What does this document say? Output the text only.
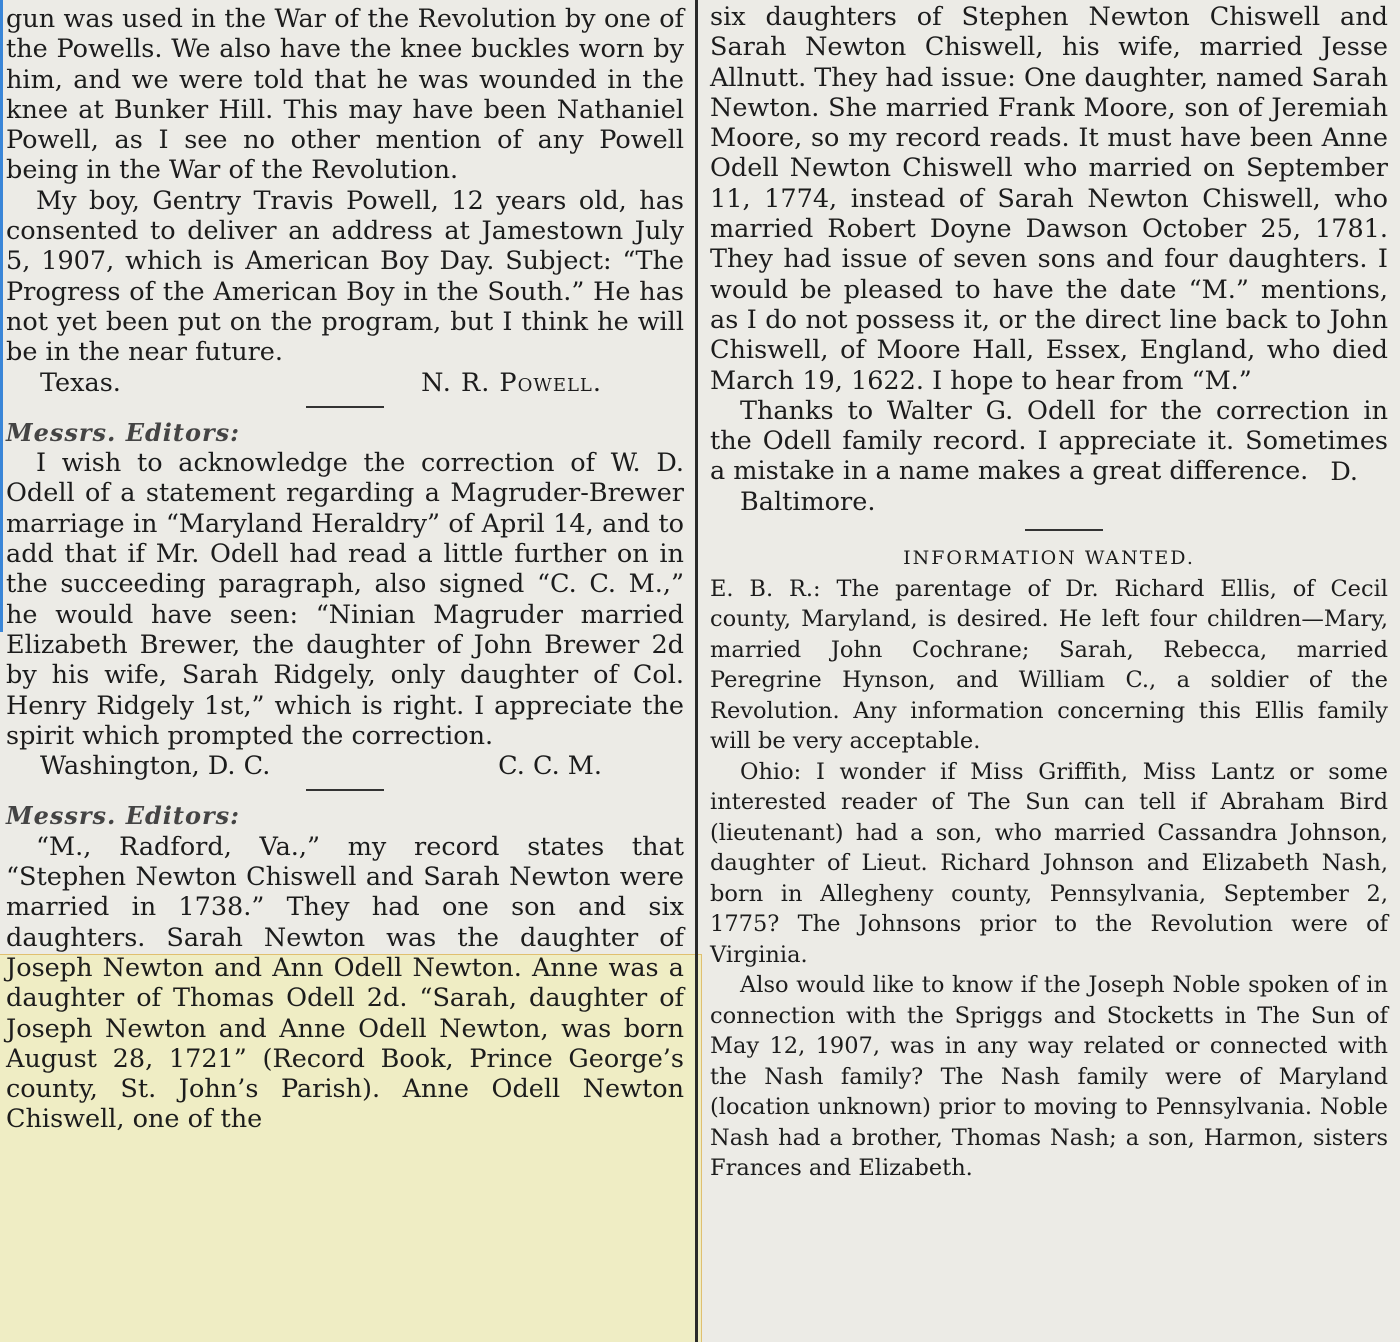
gun was used in the War of the Revolution by one of the Powells. We also have the knee buckles worn by him, and we were told that he was wounded in the knee at Bunker Hill. This may have been Nathaniel Powell, as I see no other mention of any Powell being in the War of the Revolution.

My boy, Gentry Travis Powell, 12 years old, has consented to deliver an address at Jamestown July 5, 1907, which is American Boy Day. Subject: “The Progress of the American Boy in the South.” He has not yet been put on the program, but I think he will be in the near future.

Texas.	N. R. Powell.

Messrs. Editors:

I wish to acknowledge the correction of W. D. Odell of a statement regarding a Magruder-Brewer marriage in “Maryland Heraldry” of April 14, and to add that if Mr. Odell had read a little further on in the succeeding paragraph, also signed “C. C. M.,” he would have seen: “Ninian Magruder married Elizabeth Brewer, the daughter of John Brewer 2d by his wife, Sarah Ridgely, only daughter of Col. Henry Ridgely 1st,” which is right. I appreciate the spirit which prompted the correction.

Washington, D. C.	C. C. M.

Messrs. Editors:

“M., Radford, Va.,” my record states that “Stephen Newton Chiswell and Sarah Newton were married in 1738.” They had one son and six daughters. Sarah Newton was the daughter of Joseph Newton and Ann Odell Newton. Anne was a daughter of Thomas Odell 2d. “Sarah, daughter of Joseph Newton and Anne Odell Newton, was born August 28, 1721” (Record Book, Prince George’s county, St. John’s Parish). Anne Odell Newton Chiswell, one of the

six daughters of Stephen Newton Chiswell and Sarah Newton Chiswell, his wife, married Jesse Allnutt. They had issue: One daughter, named Sarah Newton. She married Frank Moore, son of Jeremiah Moore, so my record reads. It must have been Anne Odell Newton Chiswell who married on September 11, 1774, instead of Sarah Newton Chiswell, who married Robert Doyne Dawson October 25, 1781. They had issue of seven sons and four daughters. I would be pleased to have the date “M.” mentions, as I do not possess it, or the direct line back to John Chiswell, of Moore Hall, Essex, England, who died March 19, 1622. I hope to hear from “M.”

Thanks to Walter G. Odell for the correction in the Odell family record. I appreciate it. Sometimes a mistake in a name makes a great difference. D.

Baltimore.

INFORMATION WANTED.

E. B. R.: The parentage of Dr. Richard Ellis, of Cecil county, Maryland, is desired. He left four children—Mary, married John Cochrane; Sarah, Rebecca, married Peregrine Hynson, and William C., a soldier of the Revolution. Any information concerning this Ellis family will be very acceptable.

Ohio: I wonder if Miss Griffith, Miss Lantz or some interested reader of The Sun can tell if Abraham Bird (lieutenant) had a son, who married Cassandra Johnson, daughter of Lieut. Richard Johnson and Elizabeth Nash, born in Allegheny county, Pennsylvania, September 2, 1775? The Johnsons prior to the Revolution were of Virginia.

Also would like to know if the Joseph Noble spoken of in connection with the Spriggs and Stocketts in The Sun of May 12, 1907, was in any way related or connected with the Nash family? The Nash family were of Maryland (location unknown) prior to moving to Pennsylvania. Noble Nash had a brother, Thomas Nash; a son, Harmon, sisters Frances and Elizabeth.
